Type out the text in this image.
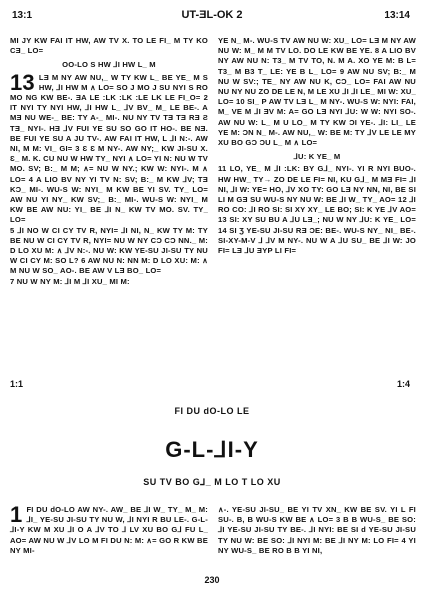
13:1	UT-ƎL-OK 2	13:14

MI JY KW FAI IT HW, AW TV X. TO LE FI_ M TY KO CƎ_ LO=

OO-LO S HW ⅃I HW L_ M

13 LƎ M NY AW NU,_ W TY KW L_ BE YE_ M S HW, ⅃I HW M ∧ LO= SO J MO J SU NYI S RO MO NG KW BE-. ƎA LE :LK :LK :LE LK LE FI_O= 2 IT NYI TY NYI HW, ⅃I HW L_ ⅃V BV_ M_ LE BE-. A MƎ NU WE-_ BE: TY A-_ MI-. NU NY TV TƎ TƎ RƎ Ƨ TƎ_ NYI-. HƎ ⅃V FUI YE SU SO GO IT HO-. BE NƎ. BE FUI YE SU A JU TV-. AW FAI IT HW, L ⅃I N:-. AW NI, M M: VI_ GI= 3 Ɛ Ɛ M NY-. AW NY;_ KW JI-SU X. Ɛ_ M. K. CU NU W HW TY_ NYI ∧ LO= YI N: NU W TV MO. SV; B:_ M M; ∧= NU W NY.; KW W: NYI-. M ∧ LO= 4 A LIO BV NY YI TV N: SV; B:_ M KW ⅃V; TƎ KƆ_ MI-. WU-S W: NYI_ M KW BE YI SV. TY_ LO= AW NU YI NY_ KW SV;_ B:_ MI-. WU-S W: NYI_ M KW BE AW NU: YI_ BE ⅃I N_ KW TV MO. SV. TY_ LO=

5 ⅃I NO W CI CY TV R, NYI= ⅃I NI, N_ KW TY M: TY BE NU W CI CY TV R, NYI= NU W NY CƆ CƆ NN._ M: D LO XU M: ∧ ⅃V N:-. NU W: KW YE-SU JI-SU TY NU W CI CY M: SO L? 6 AW NU N: NN M: D LO XU: M: ∧ M NU W SO_ AO-. BE AW V LƎ BO_ LO=

7 NU W NY M: ⅃I M ⅃I XU_ MI M:

YE N_ M-. WU-S TV AW NU W: XU_ LO= LƎ M NY AW NU W: M_ M M TV LO. DO LE KW BE YE. 8 A LIO BV NY AW NU N: T3_ M TV TO, N. M A. XO YE M: B L= T3_ M B3 T_ LE: YE B L_ LO= 9 AW NU SV; B:_ M NU W SV:; TE_ NY AW NU K, CƆ_ LO= FAI AW NU NU NY NU ZO DE LE N, M LE XU ⅃I ⅃I LE_ MI W: XU_ LO= 10 SI_ P AW TV LƎ L_ M NY-. WU-S W: NYI: FAI, M_ VE M ⅃I ƎV M: A= GO LƎ NYI ⅃U: W W: NYI SO-. AW NU W: L_ M U LO_ M TY KW ƆI YE-. ⅃I: LI_ LE YE M: ƆN N_ M-. AW NU,_ W: BE M: TY ⅃V LE LE MY XU BO GƆ ƆU L_ M ∧ LO=

⅃U: K YE_ M

11 LO, YE_ M ⅃I :LK: BY G⅃_ NYI-. YI R NYI BUO-. HW HW_ TY→ ZO DE LE FI= NI, KU G⅃_ M MƎ FI= ⅃I NI, ⅃I W: YE= HO, ⅃V XO TY: GO LƎ NY NN, NI, BE SI LI M GƎ SU WU-S NY NU W: BE ⅃I W_ TY_ AO= 12 ⅃I RO CO: ⅃I RO SI: SI XY XY_ LE BO; SI: K YE ⅃V AO= 13 SI: XY SU BU A ⅃U LƎ_; NU W NY ⅃U: K YE_ LO= 14 SI Ʒ YE-SU JI-SU RƎ ƆE: BE-. WU-S NY_ NI_ BE-. SI-XY-M-V ⅃ ⅃V M NY-. NU W A ⅃U SU_ BE ⅃I W: JO FI= LƎ ⅃U ƎYP LI FI=

1:1	1:4
FI DU dO-LO LE
G-L-⅃I-Y
SU TV BO G⅃_ M LO T LO XU
1 FI DU dO-LO AW NY-. AW_ BE ⅃I W_ TY_ M_ M: ⅃I_ YE-SU JI-SU TY NU W, ⅃I NYI R BU LE-. G-L-⅃I-Y KW M XU ⅃I O A ⅃V TO ⅃ LV XU BO G⅃ FU L_ AO= AW NU W ⅃V LO M FI DU N: M: ∧= GO R KW BE NY MI-
∧-. YE-SU JI-SU_ BE YI TV XN_ KW BE SV. YI L FI SU-. B, B WU-S KW BE ∧ LO= 3 B B WU-S_ BE SO: ⅃I YE-SU JI-SU TY BE-. ⅃I NYI: BE SI d YE-SU JI-SU TY NU W: BE SO: ⅃I NYI M: BE ⅃I NY M: LO FI= 4 YI NY WU-S_ BE RO B B YI NI,
230
